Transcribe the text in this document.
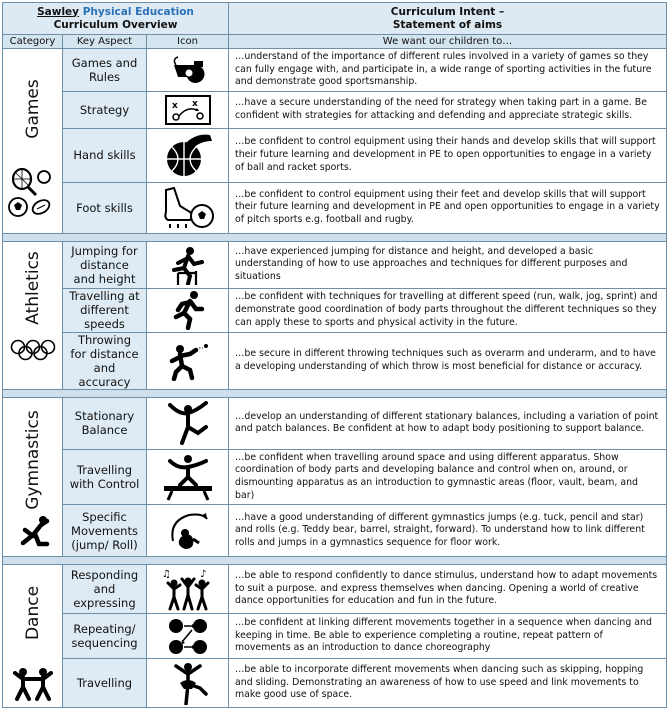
Sawley Physical Education
Curriculum Overview			Curriculum Intent –
Statement of aims
Category	Key Aspect	Icon	We want our children to…

Games	Games and Rules		…understand of the importance of different rules involved in a variety of games so they can fully engage with, and participate in, a wide range of sporting activities in the future and demonstrate good sportsmanship.
	Strategy	x x	…have a secure understanding of the need for strategy when taking part in a game. Be confident with strategies for attacking and defending and appreciate strategic skills.
	Hand skills		…be confident to control equipment using their hands and develop skills that will support their future learning and development in PE to open opportunities to engage in a variety of ball and racket sports.
	Foot skills		…be confident to control equipment using their feet and develop skills that will support their future learning and development in PE and open opportunities to engage in a variety of pitch sports e.g. football and rugby.

Athletics	Jumping for distance and height		…have experienced jumping for distance and height, and developed a basic understanding of how to use approaches and techniques for different purposes and situations
	Travelling at different speeds		…be confident with techniques for travelling at different speed (run, walk, jog, sprint) and demonstrate good coordination of body parts throughout the different techniques so they can apply these to sports and physical activity in the future.
	Throwing for distance and accuracy		…be secure in different throwing techniques such as overarm and underarm, and to have a developing understanding of which throw is most beneficial for distance or accuracy.

Gymnastics	Stationary Balance		…develop an understanding of different stationary balances, including a variation of point and patch balances. Be confident at how to adapt body positioning to support balance.
	Travelling with Control		…be confident when travelling around space and using different apparatus. Show coordination of body parts and developing balance and control when on, around, or dismounting apparatus as an introduction to gymnastic areas (floor, vault, beam, and bar)
	Specific Movements (jump/ Roll)		…have a good understanding of different gymnastics jumps (e.g. tuck, pencil and star) and rolls (e.g. Teddy bear, barrel, straight, forward). To understand how to link different rolls and jumps in a gymnastics sequence for floor work.

Dance	Responding and expressing	♫ ♪	…be able to respond confidently to dance stimulus, understand how to adapt movements to suit a purpose. and express themselves when dancing. Opening a world of creative dance opportunities for education and fun in the future.
	Repeating/ sequencing		…be confident at linking different movements together in a sequence when dancing and keeping in time. Be able to experience completing a routine, repeat pattern of movements as an introduction to dance choreography
	Travelling		…be able to incorporate different movements when dancing such as skipping, hopping and sliding. Demonstrating an awareness of how to use speed and link movements to make good use of space.
